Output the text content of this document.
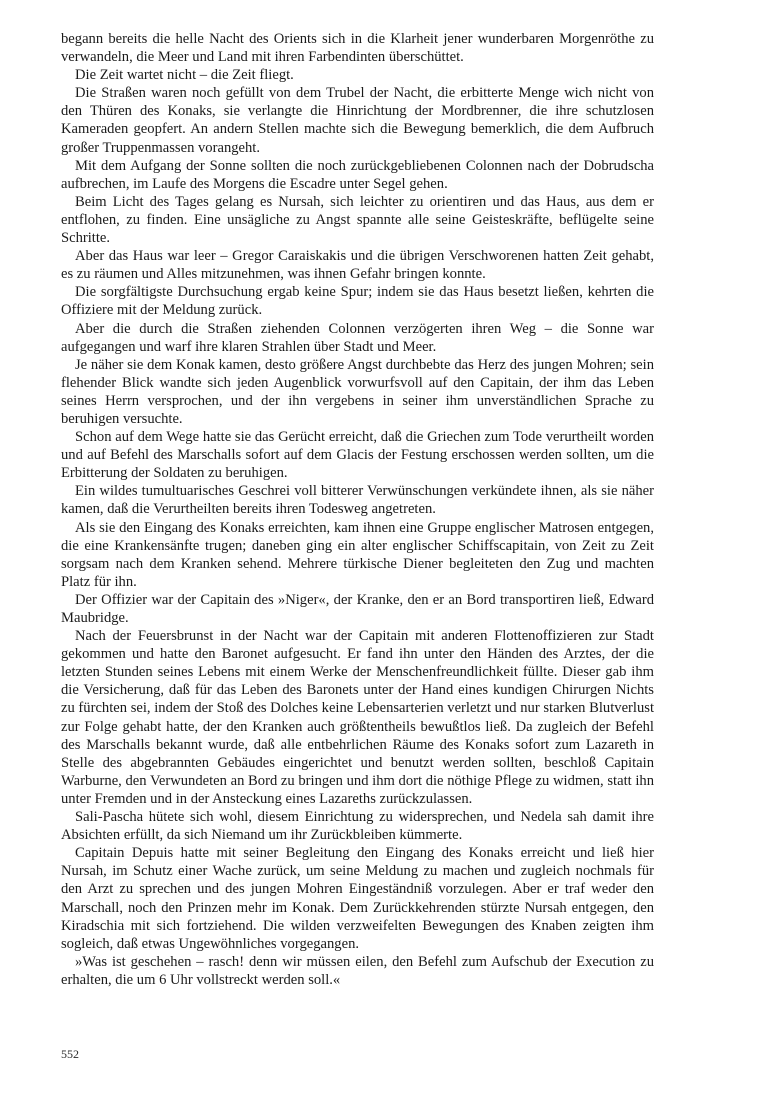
begann bereits die helle Nacht des Orients sich in die Klarheit jener wunderbaren Morgenröthe zu verwandeln, die Meer und Land mit ihren Farbendinten überschüttet.

Die Zeit wartet nicht – die Zeit fliegt.

Die Straßen waren noch gefüllt von dem Trubel der Nacht, die erbitterte Menge wich nicht von den Thüren des Konaks, sie verlangte die Hinrichtung der Mordbrenner, die ihre schutzlosen Kameraden geopfert. An andern Stellen machte sich die Bewegung bemerklich, die dem Aufbruch großer Truppenmassen vorangeht.

Mit dem Aufgang der Sonne sollten die noch zurückgebliebenen Colonnen nach der Dobrudscha aufbrechen, im Laufe des Morgens die Escadre unter Segel gehen.

Beim Licht des Tages gelang es Nursah, sich leichter zu orientiren und das Haus, aus dem er entflohen, zu finden. Eine unsägliche zu Angst spannte alle seine Geisteskräfte, beflügelte seine Schritte.

Aber das Haus war leer – Gregor Caraiskakis und die übrigen Verschworenen hatten Zeit gehabt, es zu räumen und Alles mitzunehmen, was ihnen Gefahr bringen konnte.

Die sorgfältigste Durchsuchung ergab keine Spur; indem sie das Haus besetzt ließen, kehrten die Offiziere mit der Meldung zurück.

Aber die durch die Straßen ziehenden Colonnen verzögerten ihren Weg – die Sonne war aufgegangen und warf ihre klaren Strahlen über Stadt und Meer.

Je näher sie dem Konak kamen, desto größere Angst durchbebte das Herz des jungen Mohren; sein flehender Blick wandte sich jeden Augenblick vorwurfsvoll auf den Capitain, der ihm das Leben seines Herrn versprochen, und der ihn vergebens in seiner ihm unverständlichen Sprache zu beruhigen versuchte.

Schon auf dem Wege hatte sie das Gerücht erreicht, daß die Griechen zum Tode verurtheilt worden und auf Befehl des Marschalls sofort auf dem Glacis der Festung erschossen werden sollten, um die Erbitterung der Soldaten zu beruhigen.

Ein wildes tumultuarisches Geschrei voll bitterer Verwünschungen verkündete ihnen, als sie näher kamen, daß die Verurtheilten bereits ihren Todesweg angetreten.

Als sie den Eingang des Konaks erreichten, kam ihnen eine Gruppe englischer Matrosen entgegen, die eine Krankensänfte trugen; daneben ging ein alter englischer Schiffscapitain, von Zeit zu Zeit sorgsam nach dem Kranken sehend. Mehrere türkische Diener begleiteten den Zug und machten Platz für ihn.

Der Offizier war der Capitain des »Niger«, der Kranke, den er an Bord transportiren ließ, Edward Maubridge.

Nach der Feuersbrunst in der Nacht war der Capitain mit anderen Flottenoffizieren zur Stadt gekommen und hatte den Baronet aufgesucht. Er fand ihn unter den Händen des Arztes, der die letzten Stunden seines Lebens mit einem Werke der Menschenfreundlichkeit füllte. Dieser gab ihm die Versicherung, daß für das Leben des Baronets unter der Hand eines kundigen Chirurgen Nichts zu fürchten sei, indem der Stoß des Dolches keine Lebensarterien verletzt und nur starken Blutverlust zur Folge gehabt hatte, der den Kranken auch größtentheils bewußtlos ließ. Da zugleich der Befehl des Marschalls bekannt wurde, daß alle entbehrlichen Räume des Konaks sofort zum Lazareth in Stelle des abgebrannten Gebäudes eingerichtet und benutzt werden sollten, beschloß Capitain Warburne, den Verwundeten an Bord zu bringen und ihm dort die nöthige Pflege zu widmen, statt ihn unter Fremden und in der Ansteckung eines Lazareths zurückzulassen.

Sali-Pascha hütete sich wohl, diesem Einrichtung zu widersprechen, und Nedela sah damit ihre Absichten erfüllt, da sich Niemand um ihr Zurückbleiben kümmerte.

Capitain Depuis hatte mit seiner Begleitung den Eingang des Konaks erreicht und ließ hier Nursah, im Schutz einer Wache zurück, um seine Meldung zu machen und zugleich nochmals für den Arzt zu sprechen und des jungen Mohren Eingeständniß vorzulegen. Aber er traf weder den Marschall, noch den Prinzen mehr im Konak. Dem Zurückkehrenden stürzte Nursah entgegen, den Kiradschia mit sich fortziehend. Die wilden verzweifelten Bewegungen des Knaben zeigten ihm sogleich, daß etwas Ungewöhnliches vorgegangen.

»Was ist geschehen – rasch! denn wir müssen eilen, den Befehl zum Aufschub der Execution zu erhalten, die um 6 Uhr vollstreckt werden soll.«

552
